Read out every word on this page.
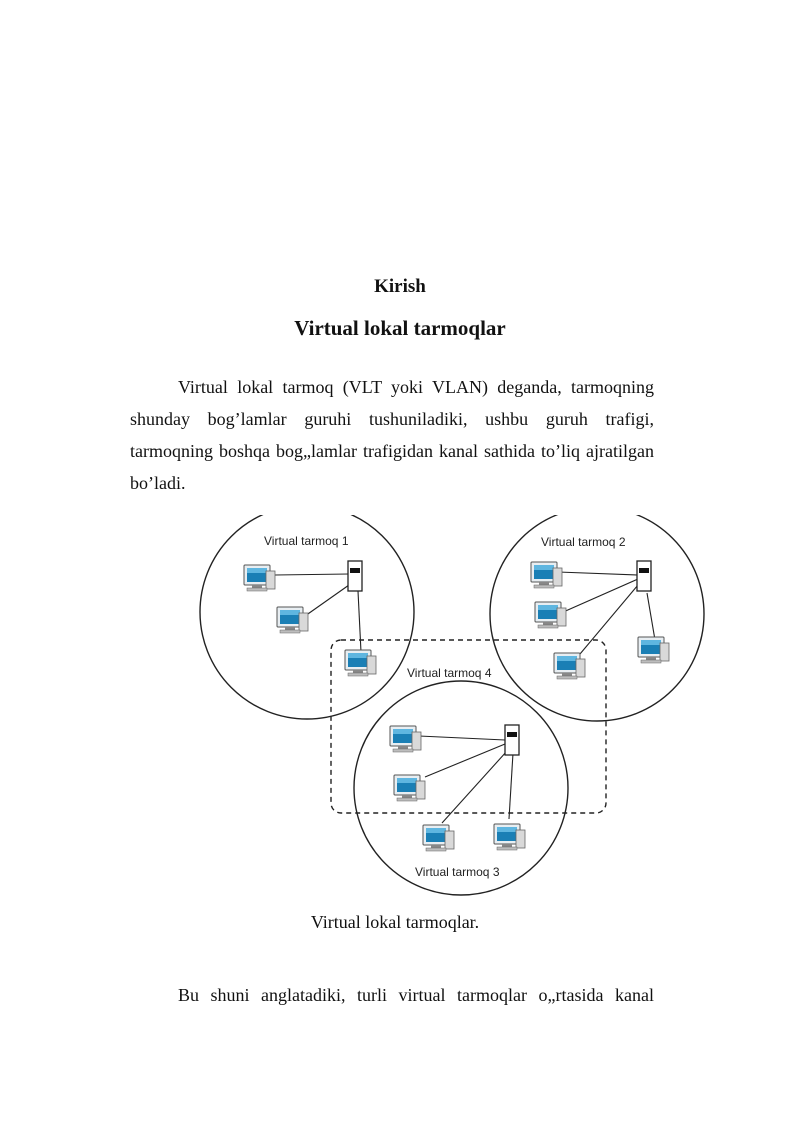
Kirish
Virtual lokal tarmoqlar

Virtual lokal tarmoq (VLT yoki VLAN) deganda, tarmoqning shunday bog’lamlar guruhi tushuniladiki, ushbu guruh trafigi, tarmoqning boshqa bog„lamlar trafigidan kanal sathida to’liq ajratilgan bo’ladi.

Virtual tarmoq 1	Virtual tarmoq 2
Virtual tarmoq 4
Virtual tarmoq 3
Virtual lokal tarmoqlar.

Bu shuni anglatadiki, turli virtual tarmoqlar o„rtasida kanal
